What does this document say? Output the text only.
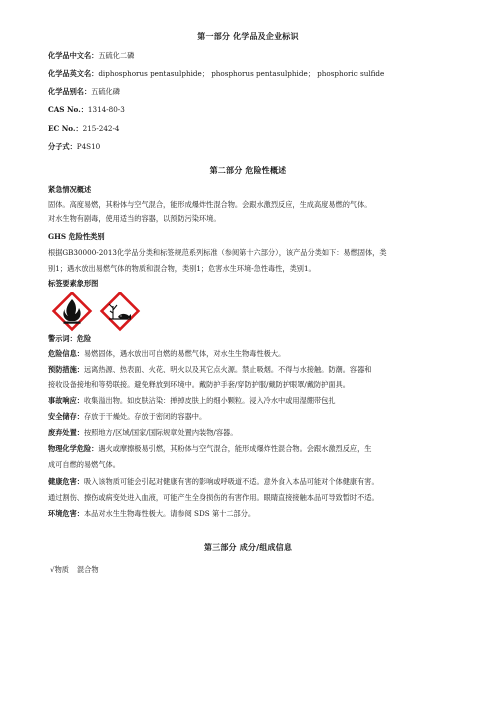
第一部分 化学品及企业标识
化学品中文名：五硫化二磷
化学品英文名：diphosphorus pentasulphide； phosphorus pentasulphide； phosphoric sulfide
化学品别名：五硫化磷
CAS No.：1314-80-3
EC No.：215-242-4
分子式：P4S10
第二部分 危险性概述
紧急情况概述
固体。高度易燃，其粉体与空气混合，能形成爆炸性混合物。会跟水激烈反应，生成高度易燃的气体。
对水生物有剧毒，使用适当的容器，以预防污染环境。
GHS 危险性类别
根据GB30000-2013化学品分类和标签规范系列标准（参阅第十六部分），该产品分类如下：易燃固体，类
别1；遇水放出易燃气体的物质和混合物，类别1；危害水生环境-急性毒性，类别1。
标签要素象形图
警示词：危险
危险信息：易燃固体，遇水放出可自燃的易燃气体，对水生生物毒性极大。
预防措施：远离热源、热表面、火花、明火以及其它点火源。禁止吸烟。不得与水接触。防潮。容器和
接收设备接地和等势联接。避免释放到环境中。戴防护手套/穿防护服/戴防护眼罩/戴防护面具。
事故响应：收集溢出物。如皮肤沾染：掸掉皮肤上的细小颗粒。浸入冷水中或用湿绷带包扎
安全储存：存放于干燥处。存放于密闭的容器中。
废弃处置：按照地方/区域/国家/国际规章处置内装物/容器。
物理化学危险：遇火或摩擦极易引燃，其粉体与空气混合，能形成爆炸性混合物。会跟水激烈反应，生
成可自燃的易燃气体。
健康危害：吸入该物质可能会引起对健康有害的影响或呼吸道不适。意外食入本品可能对个体健康有害。
通过割伤、擦伤或病变处进入血液，可能产生全身损伤的有害作用。眼睛直接接触本品可导致暂时不适。
环境危害：本品对水生生物毒性极大。请参阅 SDS 第十二部分。
第三部分 成分/组成信息
√物质 混合物
